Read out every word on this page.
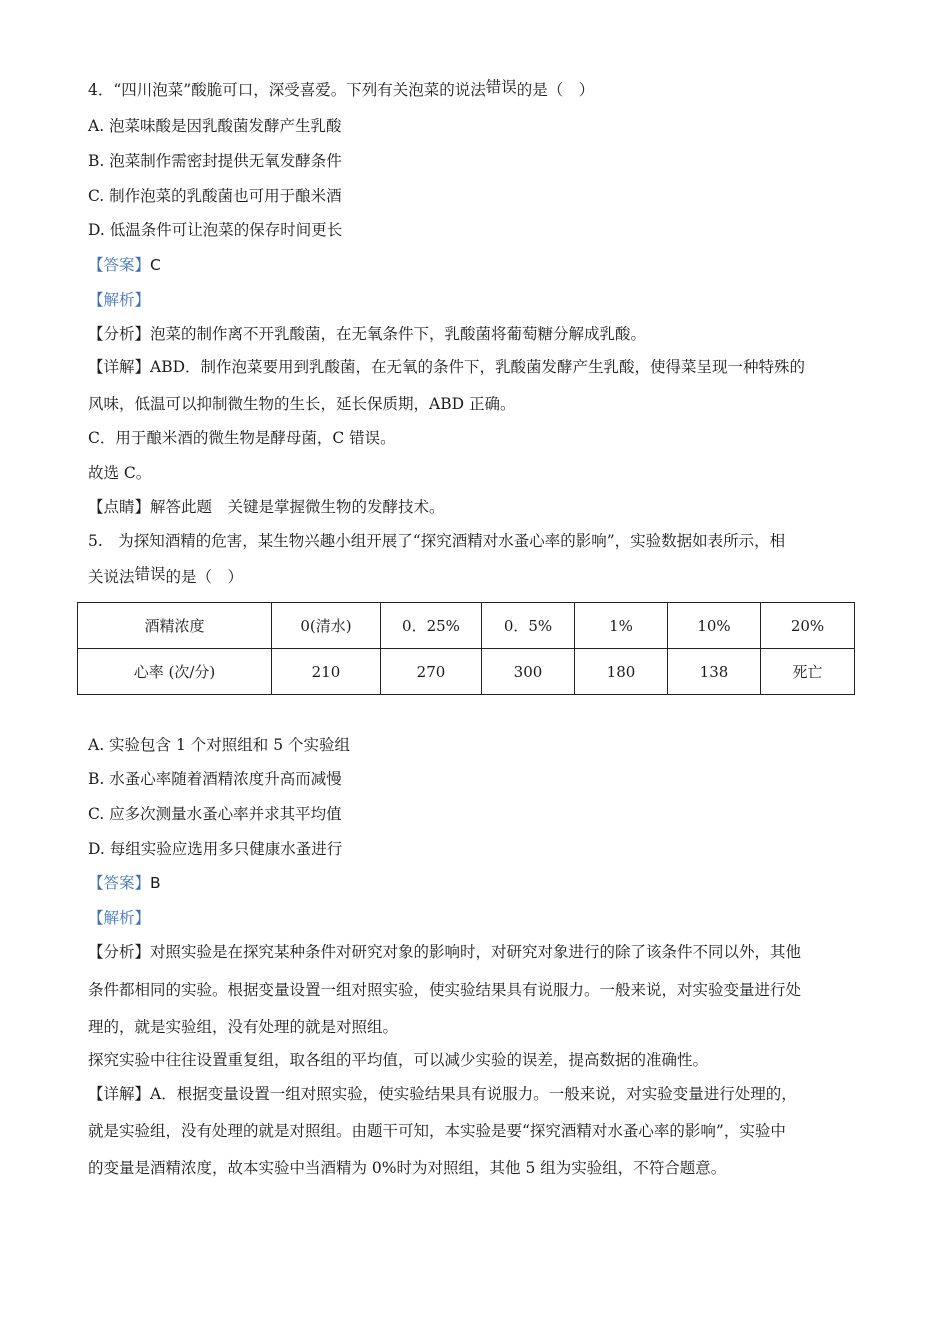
4．“四川泡菜”酸脆可口，深受喜爱。下列有关泡菜的说法错误的是（　）
A. 泡菜味酸是因乳酸菌发酵产生乳酸
B. 泡菜制作需密封提供无氧发酵条件
C. 制作泡菜的乳酸菌也可用于酿米酒
D. 低温条件可让泡菜的保存时间更长
【答案】C
【解析】
【分析】泡菜的制作离不开乳酸菌，在无氧条件下，乳酸菌将葡萄糖分解成乳酸。
【详解】ABD．制作泡菜要用到乳酸菌，在无氧的条件下，乳酸菌发酵产生乳酸，使得菜呈现一种特殊的
风味，低温可以抑制微生物的生长，延长保质期，ABD 正确。
C．用于酿米酒的微生物是酵母菌，C 错误。
故选 C。
【点睛】解答此题　关键是掌握微生物的发酵技术。
5.　为探知酒精的危害，某生物兴趣小组开展了“探究酒精对水蚤心率的影响”，实验数据如表所示，相
关说法错误的是（　）
酒精浓度	0(清水)	0．25%	0．5%	1%	10%	20%
心率 (次/分)	210	270	300	180	138	死亡
A. 实验包含 1 个对照组和 5 个实验组
B. 水蚤心率随着酒精浓度升高而减慢
C. 应多次测量水蚤心率并求其平均值
D. 每组实验应选用多只健康水蚤进行
【答案】B
【解析】
【分析】对照实验是在探究某种条件对研究对象的影响时，对研究对象进行的除了该条件不同以外，其他
条件都相同的实验。根据变量设置一组对照实验，使实验结果具有说服力。一般来说，对实验变量进行处
理的，就是实验组，没有处理的就是对照组。
探究实验中往往设置重复组，取各组的平均值，可以减少实验的误差，提高数据的准确性。
【详解】A．根据变量设置一组对照实验，使实验结果具有说服力。一般来说，对实验变量进行处理的，
就是实验组，没有处理的就是对照组。由题干可知，本实验是要“探究酒精对水蚤心率的影响”，实验中
的变量是酒精浓度，故本实验中当酒精为 0%时为对照组，其他 5 组为实验组，不符合题意。
